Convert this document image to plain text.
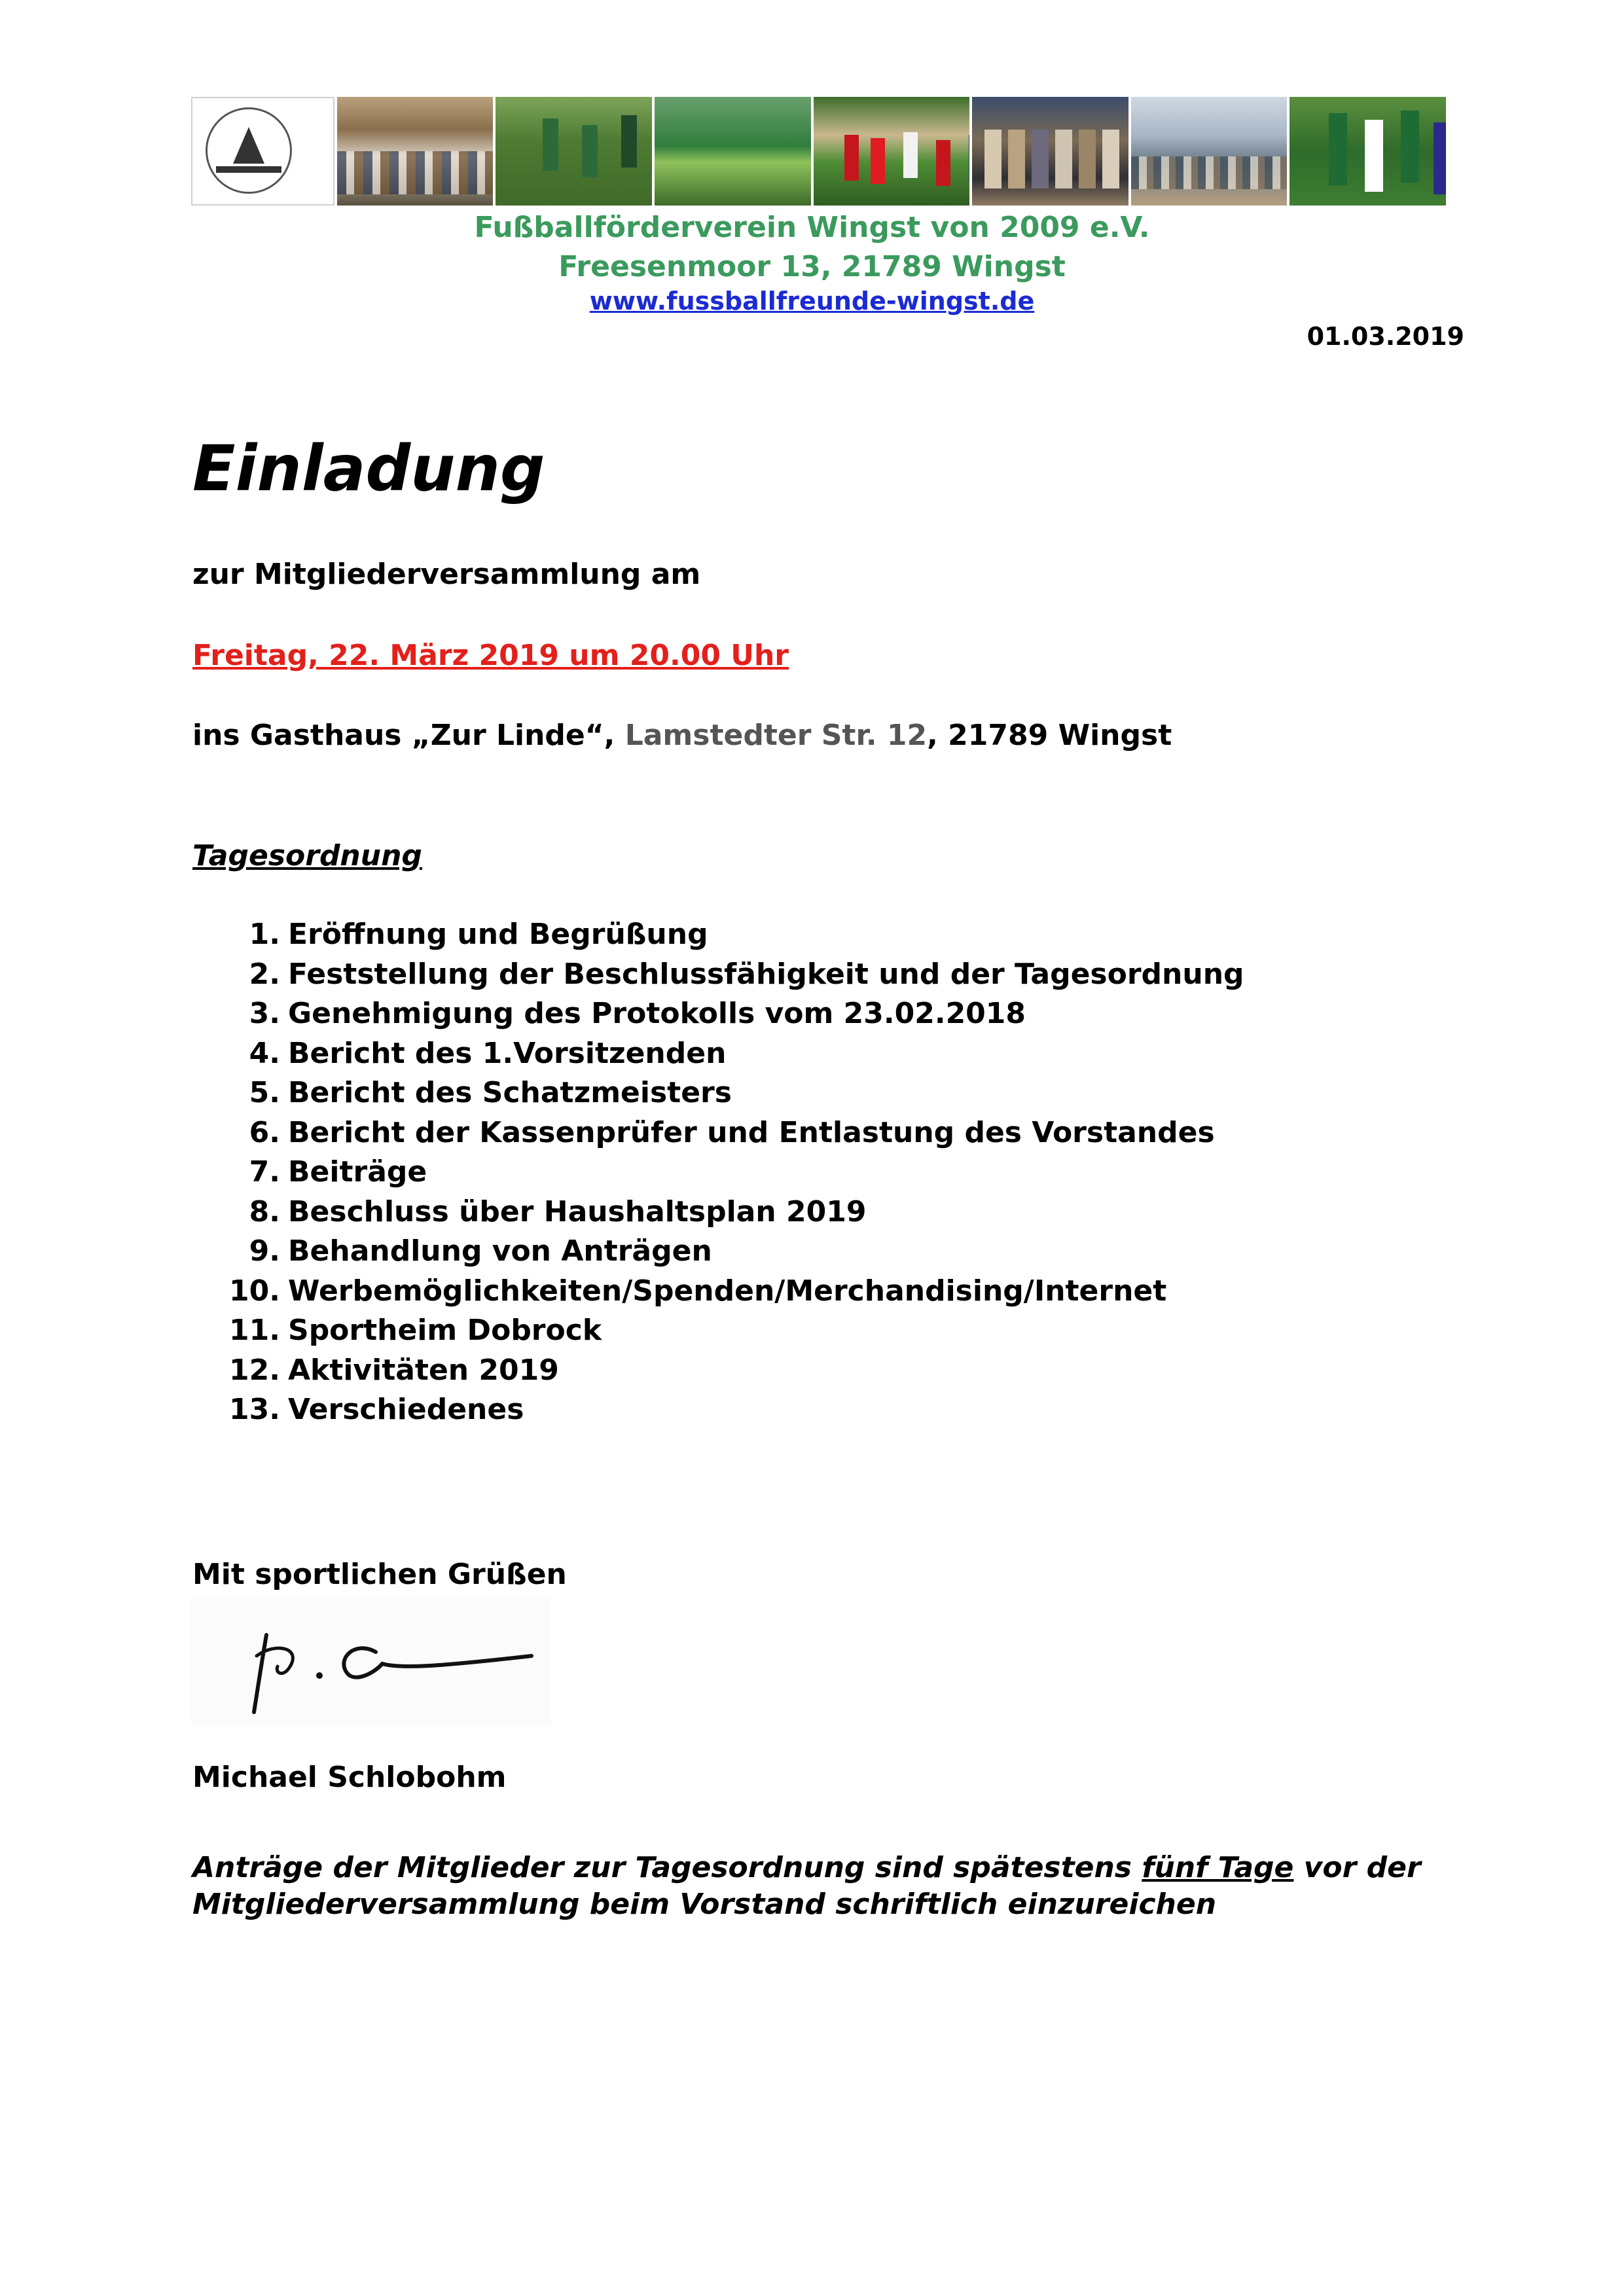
Fußballförderverein Wingst von 2009 e.V.
Freesenmoor 13, 21789 Wingst
www.fussballfreunde-wingst.de
01.03.2019
Einladung
zur Mitgliederversammlung am
Freitag, 22. März 2019 um 20.00 Uhr
ins Gasthaus „Zur Linde“, Lamstedter Str. 12, 21789 Wingst
Tagesordnung
1. Eröffnung und Begrüßung
2. Feststellung der Beschlussfähigkeit und der Tagesordnung
3. Genehmigung des Protokolls vom 23.02.2018
4. Bericht des 1.Vorsitzenden
5. Bericht des Schatzmeisters
6. Bericht der Kassenprüfer und Entlastung des Vorstandes
7. Beiträge
8. Beschluss über Haushaltsplan 2019
9. Behandlung von Anträgen
10. Werbemöglichkeiten/Spenden/Merchandising/Internet
11. Sportheim Dobrock
12. Aktivitäten 2019
13. Verschiedenes
Mit sportlichen Grüßen
Michael Schlobohm
Anträge der Mitglieder zur Tagesordnung sind spätestens fünf Tage vor der Mitgliederversammlung beim Vorstand schriftlich einzureichen
